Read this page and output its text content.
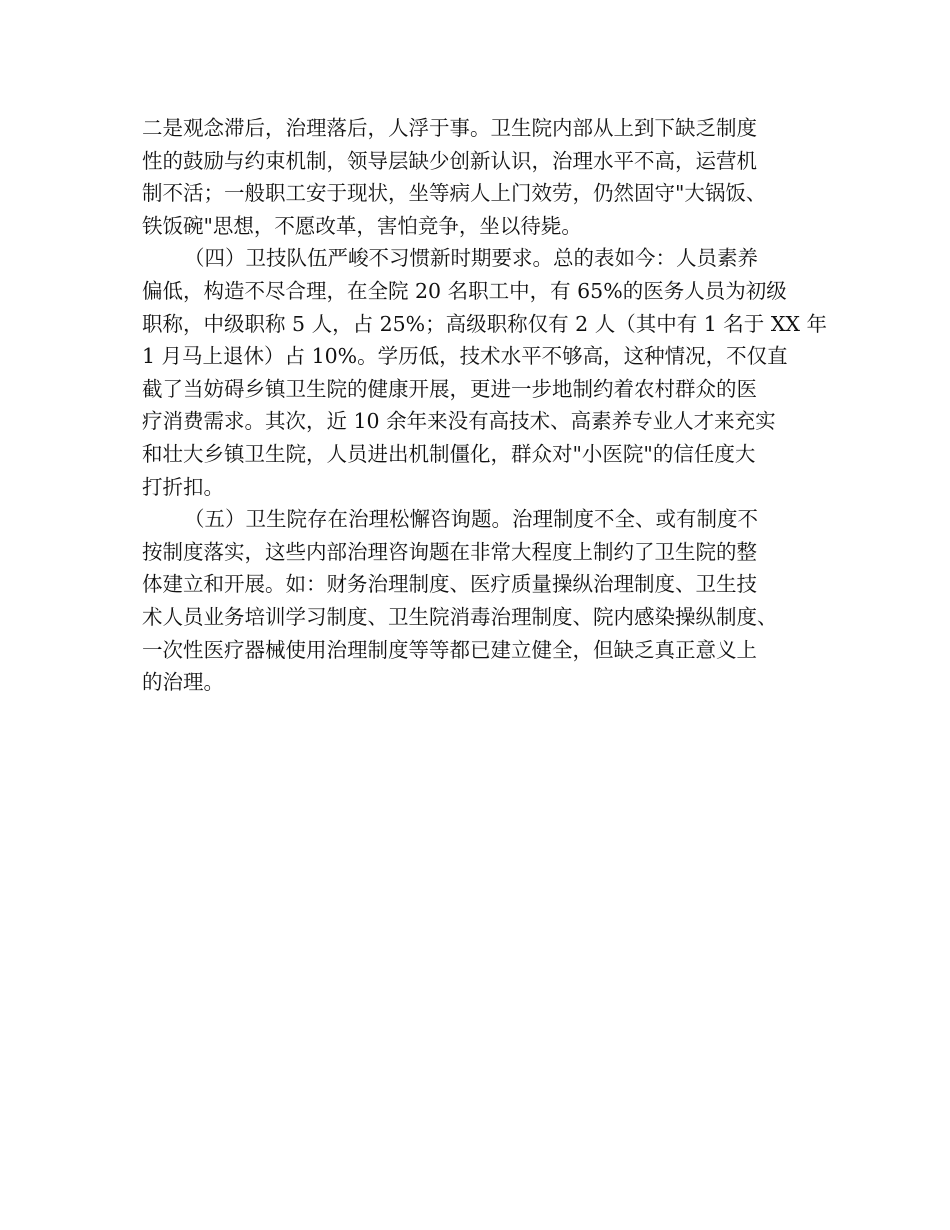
二是观念滞后，治理落后，人浮于事。卫生院内部从上到下缺乏制度
性的鼓励与约束机制，领导层缺少创新认识，治理水平不高，运营机
制不活；一般职工安于现状，坐等病人上门效劳，仍然固守"大锅饭、
铁饭碗"思想，不愿改革，害怕竞争，坐以待毙。
（四）卫技队伍严峻不习惯新时期要求。总的表如今：人员素养
偏低，构造不尽合理，在全院 20 名职工中，有 65%的医务人员为初级
职称，中级职称 5 人，占 25%；高级职称仅有 2 人（其中有 1 名于 XX 年
1 月马上退休）占 10%。学历低，技术水平不够高，这种情况，不仅直
截了当妨碍乡镇卫生院的健康开展，更进一步地制约着农村群众的医
疗消费需求。其次，近 10 余年来没有高技术、高素养专业人才来充实
和壮大乡镇卫生院，人员进出机制僵化，群众对"小医院"的信任度大
打折扣。
（五）卫生院存在治理松懈咨询题。治理制度不全、或有制度不
按制度落实，这些内部治理咨询题在非常大程度上制约了卫生院的整
体建立和开展。如：财务治理制度、医疗质量操纵治理制度、卫生技
术人员业务培训学习制度、卫生院消毒治理制度、院内感染操纵制度、
一次性医疗器械使用治理制度等等都已建立健全，但缺乏真正意义上
的治理。
